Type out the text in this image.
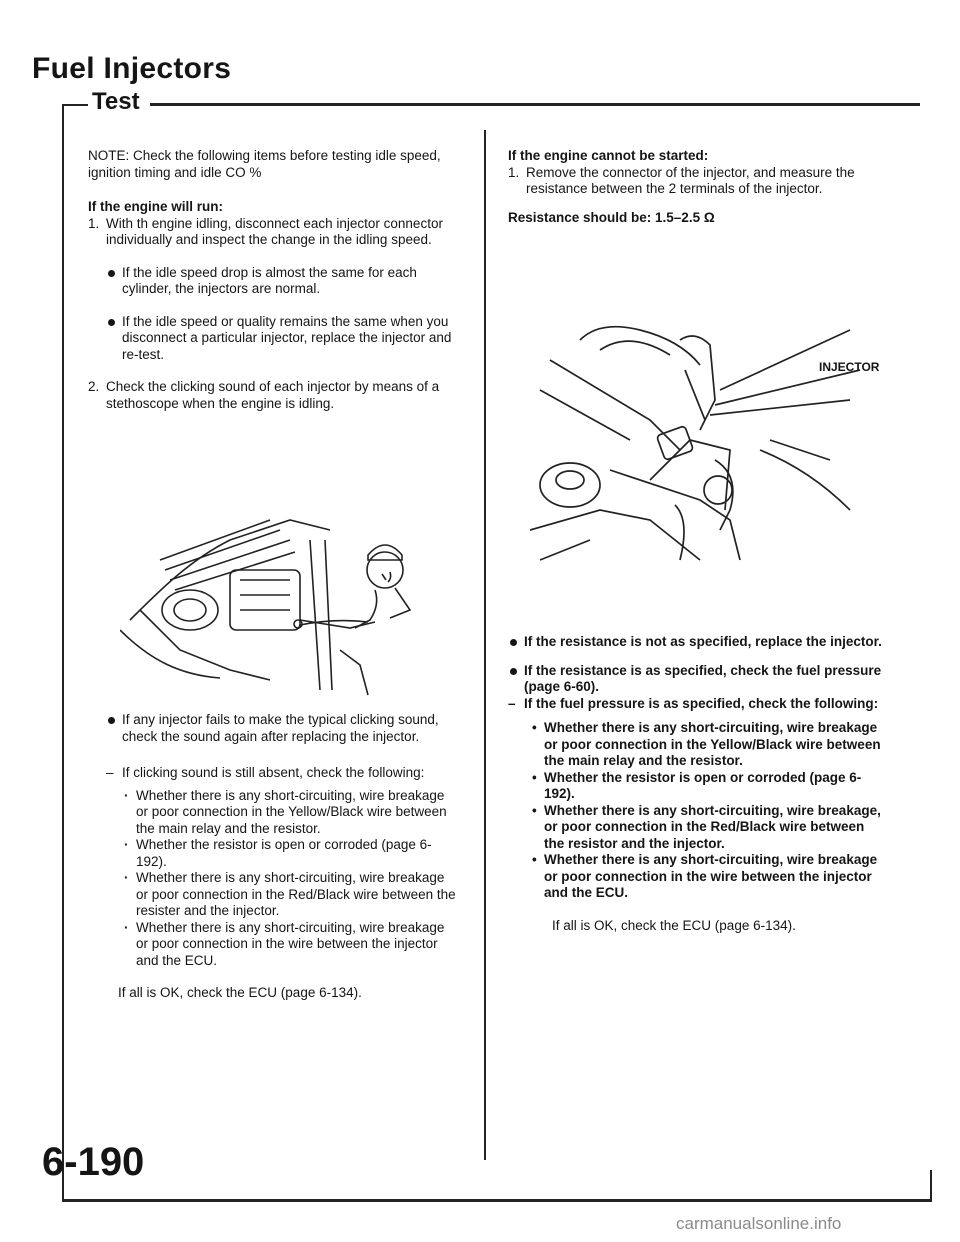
Fuel Injectors
Test

NOTE: Check the following items before testing idle speed, ignition timing and idle CO %

If the engine will run:

1. With th engine idling, disconnect each injector connector individually and inspect the change in the idling speed.

If the idle speed drop is almost the same for each cylinder, the injectors are normal.

If the idle speed or quality remains the same when you disconnect a particular injector, replace the injector and re-test.

2. Check the clicking sound of each injector by means of a stethoscope when the engine is idling.

If any injector fails to make the typical clicking sound, check the sound again after replacing the injector.

– If clicking sound is still absent, check the following:

· Whether there is any short-circuiting, wire breakage or poor connection in the Yellow/Black wire between the main relay and the resistor.

· Whether the resistor is open or corroded (page 6-192).

· Whether there is any short-circuiting, wire breakage or poor connection in the Red/Black wire between the resister and the injector.

· Whether there is any short-circuiting, wire breakage or poor connection in the wire between the injector and the ECU.

If all is OK, check the ECU (page 6-134).

If the engine cannot be started:

1. Remove the connector of the injector, and measure the resistance between the 2 terminals of the injector.

Resistance should be: 1.5–2.5 Ω

INJECTOR

If the resistance is not as specified, replace the injector.

If the resistance is as specified, check the fuel pressure (page 6-60).

– If the fuel pressure is as specified, check the following:

• Whether there is any short-circuiting, wire breakage or poor connection in the Yellow/Black wire between the main relay and the resistor.

• Whether the resistor is open or corroded (page 6-192).

• Whether there is any short-circuiting, wire breakage, or poor connection in the Red/Black wire between the resistor and the injector.

• Whether there is any short-circuiting, wire breakage or poor connection in the wire between the injector and the ECU.

If all is OK, check the ECU (page 6-134).

6-190
carmanualsonline.info
